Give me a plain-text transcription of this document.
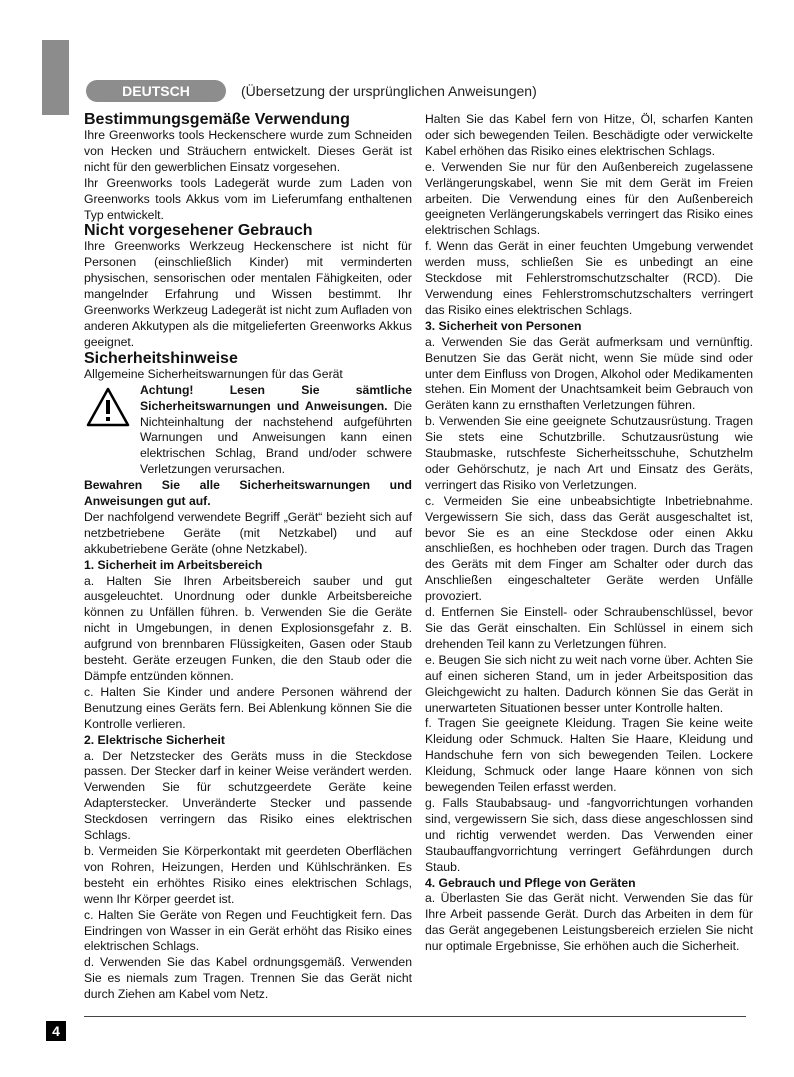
DEUTSCH	(Übersetzung der ursprünglichen Anweisungen)

Bestimmungsgemäße Verwendung

Ihre Greenworks tools Heckenschere wurde zum Schneiden von Hecken und Sträuchern entwickelt. Dieses Gerät ist nicht für den gewerblichen Einsatz vorgesehen.

Ihr Greenworks tools Ladegerät wurde zum Laden von Greenworks tools Akkus vom im Lieferumfang enthaltenen Typ entwickelt.

Nicht vorgesehener Gebrauch

Ihre Greenworks Werkzeug Heckenschere ist nicht für Personen (einschließlich Kinder) mit verminderten physischen, sensorischen oder mentalen Fähigkeiten, oder mangelnder Erfahrung und Wissen bestimmt. Ihr Greenworks Werkzeug Ladegerät ist nicht zum Aufladen von anderen Akkutypen als die mitgelieferten Greenworks Akkus geeignet.

Sicherheitshinweise

Allgemeine Sicherheitswarnungen für das Gerät

Achtung! Lesen Sie sämtliche Sicherheitswarnungen und Anweisungen. Die Nichteinhaltung der nachstehend aufgeführten Warnungen und Anweisungen kann einen elektrischen Schlag, Brand und/oder schwere Verletzungen verursachen.

Bewahren Sie alle Sicherheitswarnungen und Anweisungen gut auf.

Der nachfolgend verwendete Begriff „Gerät“ bezieht sich auf netzbetriebene Geräte (mit Netzkabel) und auf akkubetriebene Geräte (ohne Netzkabel).

1. Sicherheit im Arbeitsbereich

a. Halten Sie Ihren Arbeitsbereich sauber und gut ausgeleuchtet. Unordnung oder dunkle Arbeitsbereiche können zu Unfällen führen. b. Verwenden Sie die Geräte nicht in Umgebungen, in denen Explosionsgefahr z. B. aufgrund von brennbaren Flüssigkeiten, Gasen oder Staub besteht. Geräte erzeugen Funken, die den Staub oder die Dämpfe entzünden können.

c. Halten Sie Kinder und andere Personen während der Benutzung eines Geräts fern. Bei Ablenkung können Sie die Kontrolle verlieren.

2. Elektrische Sicherheit

a. Der Netzstecker des Geräts muss in die Steckdose passen. Der Stecker darf in keiner Weise verändert werden. Verwenden Sie für schutzgeerdete Geräte keine Adapterstecker. Unveränderte Stecker und passende Steckdosen verringern das Risiko eines elektrischen Schlags.

b. Vermeiden Sie Körperkontakt mit geerdeten Oberflächen von Rohren, Heizungen, Herden und Kühlschränken. Es besteht ein erhöhtes Risiko eines elektrischen Schlags, wenn Ihr Körper geerdet ist.

c. Halten Sie Geräte von Regen und Feuchtigkeit fern. Das Eindringen von Wasser in ein Gerät erhöht das Risiko eines elektrischen Schlags.

d. Verwenden Sie das Kabel ordnungsgemäß. Verwenden Sie es niemals zum Tragen. Trennen Sie das Gerät nicht durch Ziehen am Kabel vom Netz.

Halten Sie das Kabel fern von Hitze, Öl, scharfen Kanten oder sich bewegenden Teilen. Beschädigte oder verwickelte Kabel erhöhen das Risiko eines elektrischen Schlags.

e. Verwenden Sie nur für den Außenbereich zugelassene Verlängerungskabel, wenn Sie mit dem Gerät im Freien arbeiten. Die Verwendung eines für den Außenbereich geeigneten Verlängerungskabels verringert das Risiko eines elektrischen Schlags.

f. Wenn das Gerät in einer feuchten Umgebung verwendet werden muss, schließen Sie es unbedingt an eine Steckdose mit Fehlerstromschutzschalter (RCD). Die Verwendung eines Fehlerstromschutzschalters verringert das Risiko eines elektrischen Schlags.

3. Sicherheit von Personen

a. Verwenden Sie das Gerät aufmerksam und vernünftig. Benutzen Sie das Gerät nicht, wenn Sie müde sind oder unter dem Einfluss von Drogen, Alkohol oder Medikamenten stehen. Ein Moment der Unachtsamkeit beim Gebrauch von Geräten kann zu ernsthaften Verletzungen führen.

b. Verwenden Sie eine geeignete Schutzausrüstung. Tragen Sie stets eine Schutzbrille. Schutzausrüstung wie Staubmaske, rutschfeste Sicherheitsschuhe, Schutzhelm oder Gehörschutz, je nach Art und Einsatz des Geräts, verringert das Risiko von Verletzungen.

c. Vermeiden Sie eine unbeabsichtigte Inbetriebnahme. Vergewissern Sie sich, dass das Gerät ausgeschaltet ist, bevor Sie es an eine Steckdose oder einen Akku anschließen, es hochheben oder tragen. Durch das Tragen des Geräts mit dem Finger am Schalter oder durch das Anschließen eingeschalteter Geräte werden Unfälle provoziert.

d. Entfernen Sie Einstell- oder Schraubenschlüssel, bevor Sie das Gerät einschalten. Ein Schlüssel in einem sich drehenden Teil kann zu Verletzungen führen.

e. Beugen Sie sich nicht zu weit nach vorne über. Achten Sie auf einen sicheren Stand, um in jeder Arbeitsposition das Gleichgewicht zu halten. Dadurch können Sie das Gerät in unerwarteten Situationen besser unter Kontrolle halten.

f. Tragen Sie geeignete Kleidung. Tragen Sie keine weite Kleidung oder Schmuck. Halten Sie Haare, Kleidung und Handschuhe fern von sich bewegenden Teilen. Lockere Kleidung, Schmuck oder lange Haare können von sich bewegenden Teilen erfasst werden.

g. Falls Staubabsaug- und -fangvorrichtungen vorhanden sind, vergewissern Sie sich, dass diese angeschlossen sind und richtig verwendet werden. Das Verwenden einer Staubauffangvorrichtung verringert Gefährdungen durch Staub.

4. Gebrauch und Pflege von Geräten

a. Überlasten Sie das Gerät nicht. Verwenden Sie das für Ihre Arbeit passende Gerät. Durch das Arbeiten in dem für das Gerät angegebenen Leistungsbereich erzielen Sie nicht nur optimale Ergebnisse, Sie erhöhen auch die Sicherheit.

4
